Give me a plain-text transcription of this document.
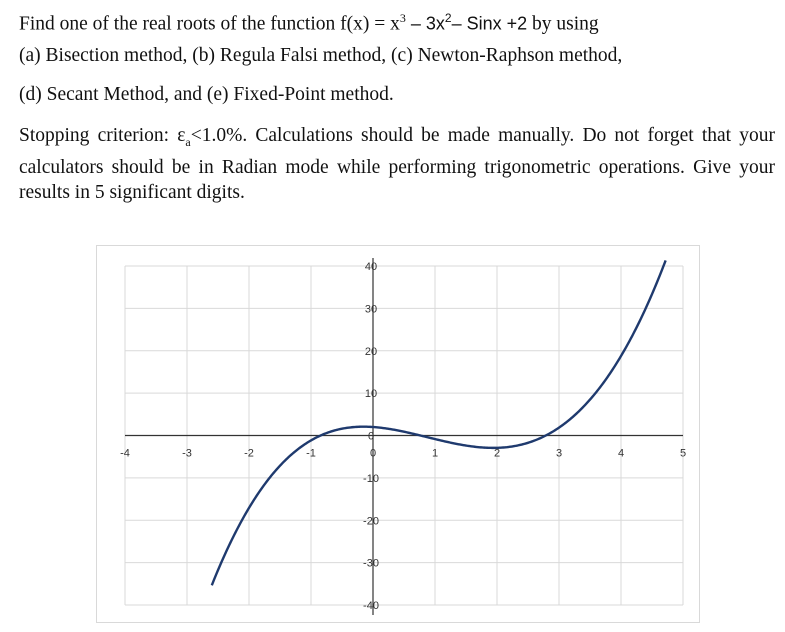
Find one of the real roots of the function $f(x) = x^3 - 3x^2-$ Sinx +2 by using
(a) Bisection method, (b) Regula Falsi method, (c) Newton-Raphson method,
(d) Secant Method, and (e) Fixed-Point method.
Stopping criterion: $\varepsilon_a<1.0\%$. Calculations should be made manually. Do not forget that your calculators should be in Radian mode while performing trigonometric operations. Give your results in 5 significant digits.
-4	-3	-2	-1	0	1	2	3	4	5
40
30
20
10
0
-10
-20
-30
-40
